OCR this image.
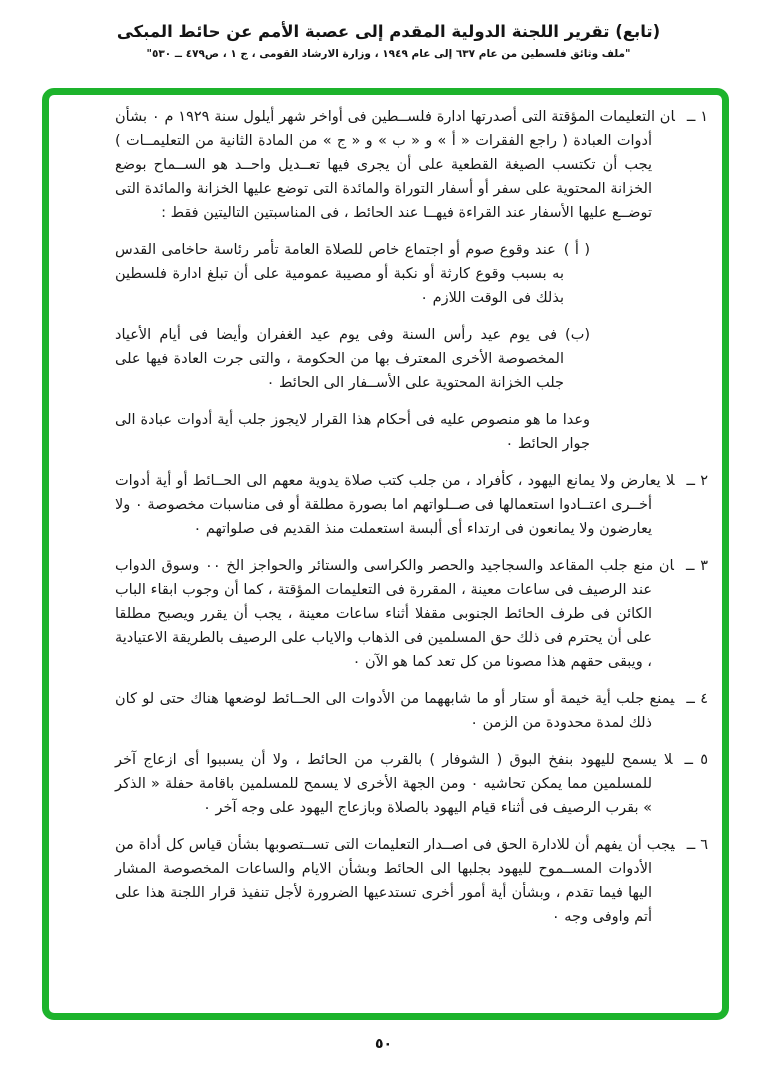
(تابع) تقرير اللجنة الدولية المقدم إلى عصبة الأمم عن حائط المبكى
"ملف وثائق فلسطين من عام ٦٣٧ إلى عام ١٩٤٩ ، وزارة الارشاد القومى ، ج ١ ، ص٤٧٩ ــ ٥٣٠"
١ ــان التعليمات المؤقتة التى أصدرتها ادارة فلســطين فى أواخر شهر أيلول سنة ١٩٢٩ م ٠ بشأن أدوات العبادة ( راجع الفقرات « أ » و « ب » و « ج » من المادة الثانية من التعليمــات ) يجب أن تكتسب الصيغة القطعية على أن يجرى فيها تعــديل واحــد هو الســماح بوضع الخزانة المحتوية على سفر أو أسفار التوراة والمائدة التى توضع عليها الخزانة والمائدة التى توضــع عليها الأسفار عند القراءة فيهــا عند الحائط ، فى المناسبتين التاليتين فقط :
( أ )عند وقوع صوم أو اجتماع خاص للصلاة العامة تأمر رئاسة حاخامى القدس به بسبب وقوع كارثة أو نكبة أو مصيبة عمومية على أن تبلغ ادارة فلسطين بذلك فى الوقت اللازم ٠
(ب)فى يوم عيد رأس السنة وفى يوم عيد الغفران وأيضا فى أيام الأعياد المخصوصة الأخرى المعترف بها من الحكومة ، والتى جرت العادة فيها على جلب الخزانة المحتوية على الأســفار الى الحائط ٠
وعدا ما هو منصوص عليه فى أحكام هذا القرار لايجوز جلب أية أدوات عبادة الى جوار الحائط ٠
٢ ــلا يعارض ولا يمانع اليهود ، كأفراد ، من جلب كتب صلاة يدوية معهم الى الحــائط أو أية أدوات أخــرى اعتــادوا استعمالها فى صــلواتهم اما بصورة مطلقة أو فى مناسبات مخصوصة ٠ ولا يعارضون ولا يمانعون فى ارتداء أى ألبسة استعملت منذ القديم فى صلواتهم ٠
٣ ــان منع جلب المقاعد والسجاجيد والحصر والكراسى والستائر والحواجز الخ ٠٠ وسوق الدواب عند الرصيف فى ساعات معينة ، المقررة فى التعليمات المؤقتة ، كما أن وجوب ابقاء الباب الكائن فى طرف الحائط الجنوبى مقفلا أثناء ساعات معينة ، يجب أن يقرر ويصبح مطلقا على أن يحترم فى ذلك حق المسلمين فى الذهاب والاياب على الرصيف بالطريقة الاعتيادية ، ويبقى حقهم هذا مصونا من كل تعد كما هو الآن ٠
٤ ــيمنع جلب أية خيمة أو ستار أو ما شابههما من الأدوات الى الحــائط لوضعها هناك حتى لو كان ذلك لمدة محدودة من الزمن ٠
٥ ــلا يسمح لليهود بنفخ البوق ( الشوفار ) بالقرب من الحائط ، ولا أن يسببوا أى ازعاج آخر للمسلمين مما يمكن تحاشيه ٠ ومن الجهة الأخرى لا يسمح للمسلمين باقامة حفلة « الذكر » بقرب الرصيف فى أثناء قيام اليهود بالصلاة وبازعاج اليهود على وجه آخر ٠
٦ ــيجب أن يفهم أن للادارة الحق فى اصــدار التعليمات التى تســتصوبها بشأن قياس كل أداة من الأدوات المســموح لليهود بجلبها الى الحائط وبشأن الايام والساعات المخصوصة المشار اليها فيما تقدم ، وبشأن أية أمور أخرى تستدعيها الضرورة لأجل تنفيذ قرار اللجنة هذا على أتم واوفى وجه ٠
٥٠
